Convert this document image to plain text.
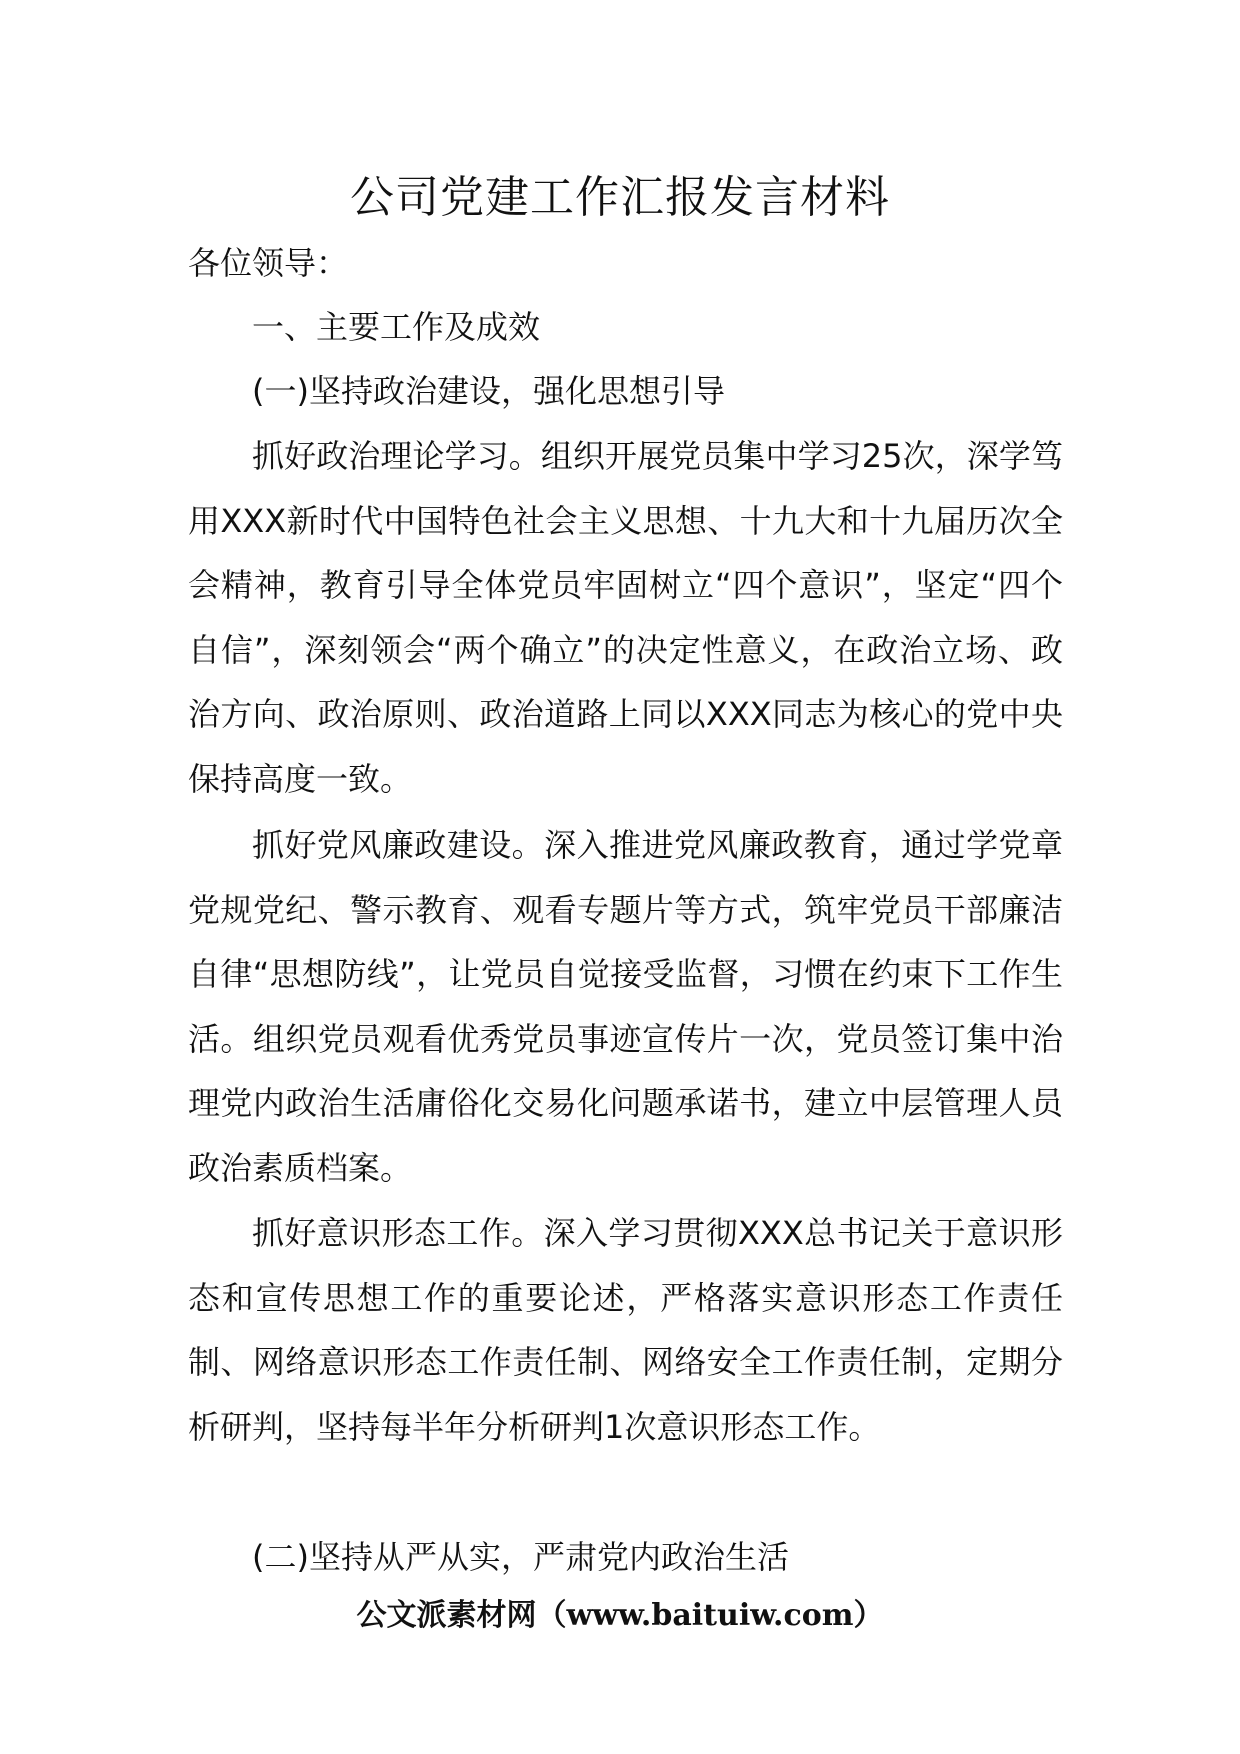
公司党建工作汇报发言材料

各位领导：

一、主要工作及成效

(一)坚持政治建设，强化思想引导

抓好政治理论学习。组织开展党员集中学习25次，深学笃用XXX新时代中国特色社会主义思想、十九大和十九届历次全会精神，教育引导全体党员牢固树立“四个意识”，坚定“四个自信”，深刻领会“两个确立”的决定性意义，在政治立场、政治方向、政治原则、政治道路上同以XXX同志为核心的党中央保持高度一致。

抓好党风廉政建设。深入推进党风廉政教育，通过学党章党规党纪、警示教育、观看专题片等方式，筑牢党员干部廉洁自律“思想防线”，让党员自觉接受监督，习惯在约束下工作生活。组织党员观看优秀党员事迹宣传片一次，党员签订集中治理党内政治生活庸俗化交易化问题承诺书，建立中层管理人员政治素质档案。

抓好意识形态工作。深入学习贯彻XXX总书记关于意识形态和宣传思想工作的重要论述，严格落实意识形态工作责任制、网络意识形态工作责任制、网络安全工作责任制，定期分析研判，坚持每半年分析研判1次意识形态工作。

(二)坚持从严从实，严肃党内政治生活

公文派素材网（www.baituiw.com）
